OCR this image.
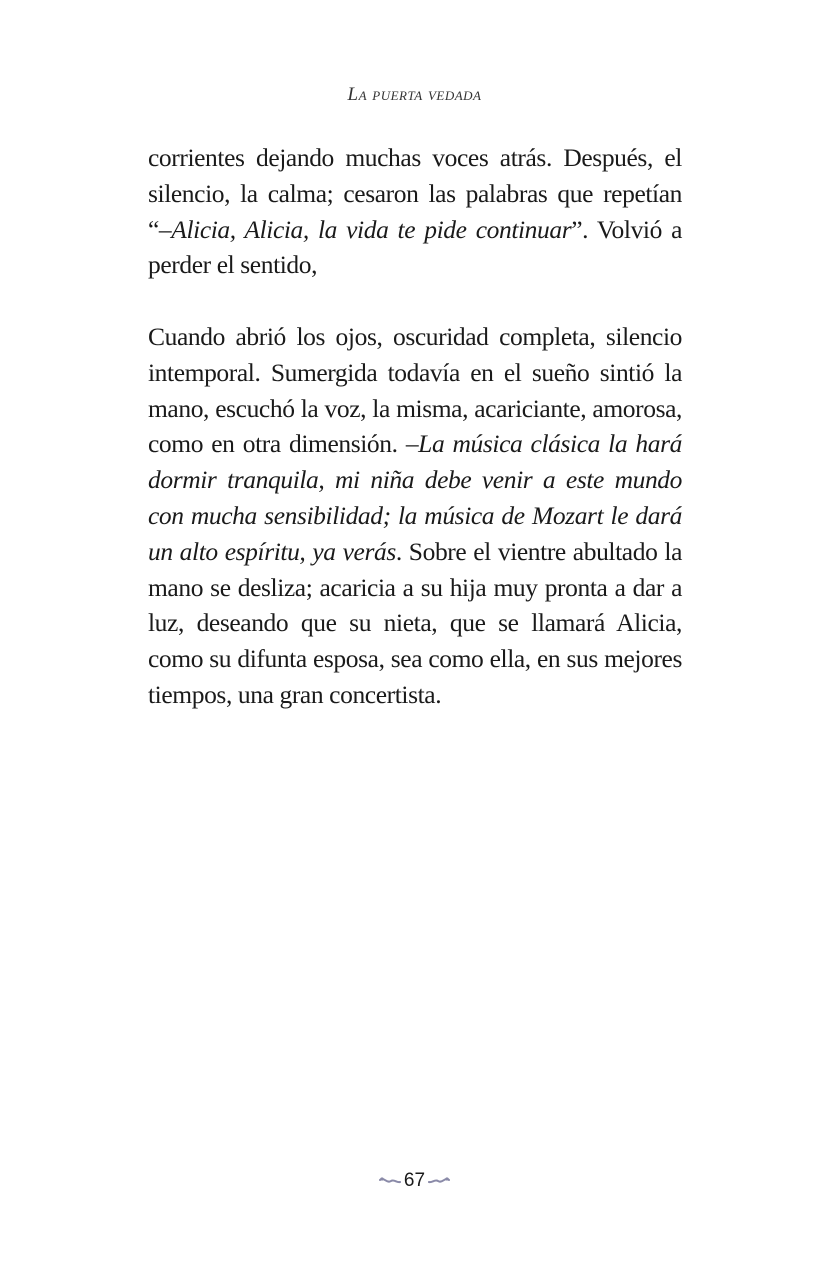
La puerta vedada

corrientes dejando muchas voces atrás. Después, el silencio, la calma; cesaron las palabras que repetían “–Alicia, Alicia, la vida te pide continuar”. Volvió a perder el sentido,

Cuando abrió los ojos, oscuridad completa, silencio intemporal. Sumergida todavía en el sueño sintió la mano, escuchó la voz, la misma, acariciante, amorosa, como en otra dimensión. –La música clásica la hará dormir tranquila, mi niña debe venir a este mundo con mucha sensibilidad; la música de Mozart le dará un alto espíritu, ya verás. Sobre el vientre abultado la mano se desliza; acaricia a su hija muy pronta a dar a luz, deseando que su nieta, que se llamará Alicia, como su difunta esposa, sea como ella, en sus mejores tiempos, una gran concertista.

67
